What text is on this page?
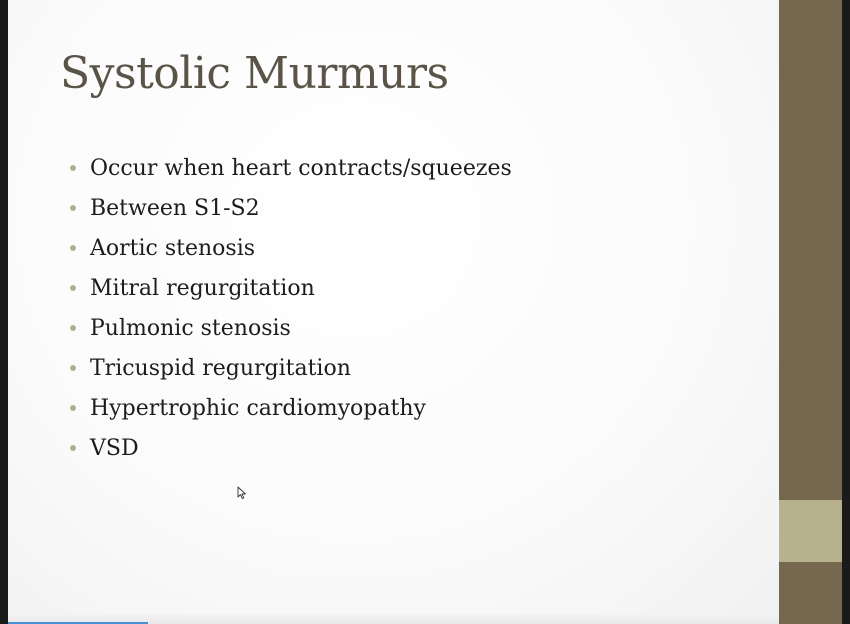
Systolic Murmurs
Occur when heart contracts/squeezes
Between S1-S2
Aortic stenosis
Mitral regurgitation
Pulmonic stenosis
Tricuspid regurgitation
Hypertrophic cardiomyopathy
VSD
